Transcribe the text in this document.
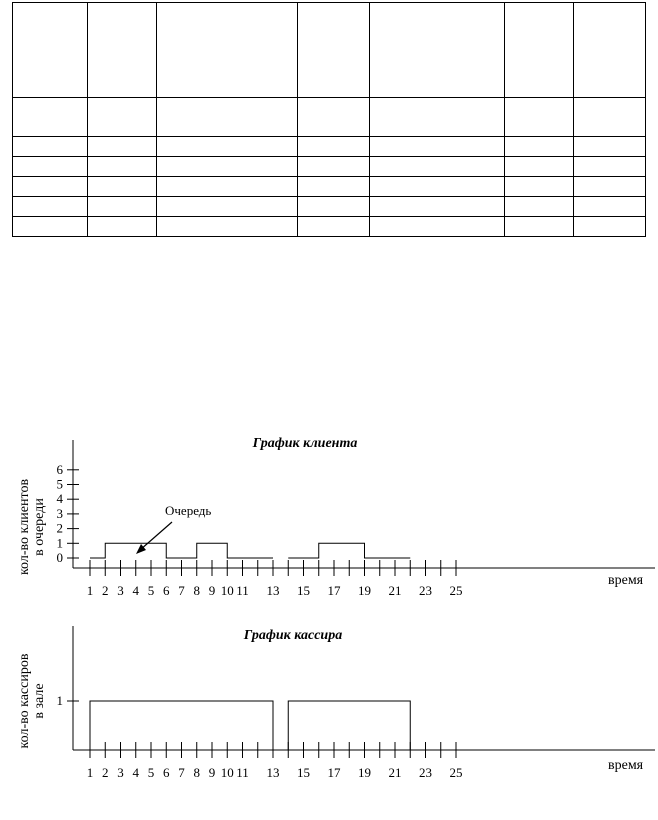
0
1
2
3
4
5
6
1 2 3 4 5 6 7 8 9 10 11 13 15 17 19 21 23 25
время
кол-во клиентов в очереди	Очередь
График клиента
1
1 2 3 4 5 6 7 8 9 10 11 13 15 17 19 21 23 25	время
кол-во кассиров в зале
График кассира
